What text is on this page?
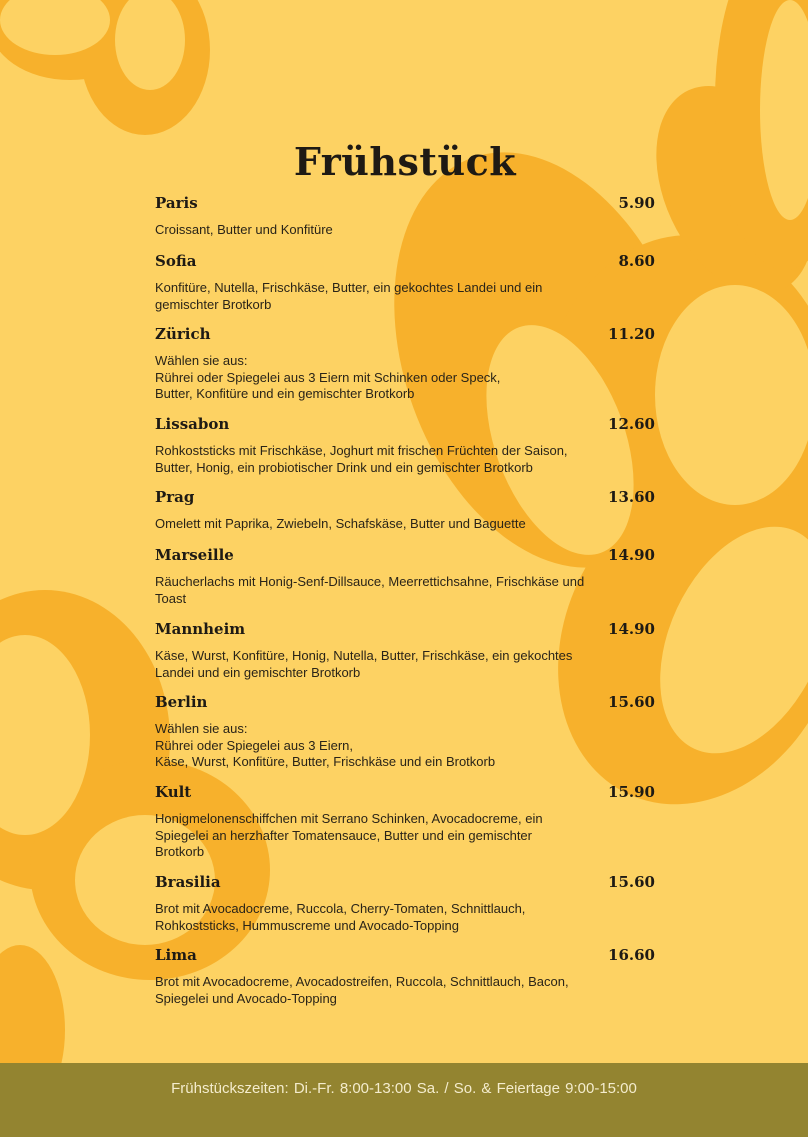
Frühstück
Paris	5.90
Croissant, Butter und Konfitüre
Sofia	8.60
Konfitüre, Nutella, Frischkäse, Butter, ein gekochtes Landei und ein
gemischter Brotkorb
Zürich	11.20
Wählen sie aus:
Rührei oder Spiegelei aus 3 Eiern mit Schinken oder Speck,
Butter, Konfitüre und ein gemischter Brotkorb
Lissabon	12.60
Rohkoststicks mit Frischkäse, Joghurt mit frischen Früchten der Saison,
Butter, Honig, ein probiotischer Drink und ein gemischter Brotkorb
Prag	13.60
Omelett mit Paprika, Zwiebeln, Schafskäse, Butter und Baguette
Marseille	14.90
Räucherlachs mit Honig-Senf-Dillsauce, Meerrettichsahne, Frischkäse und
Toast
Mannheim	14.90
Käse, Wurst, Konfitüre, Honig, Nutella, Butter, Frischkäse, ein gekochtes
Landei und ein gemischter Brotkorb
Berlin	15.60
Wählen sie aus:
Rührei oder Spiegelei aus 3 Eiern,
Käse, Wurst, Konfitüre, Butter, Frischkäse und ein Brotkorb
Kult	15.90
Honigmelonenschiffchen mit Serrano Schinken, Avocadocreme, ein
Spiegelei an herzhafter Tomatensauce, Butter und ein gemischter
Brotkorb
Brasilia	15.60
Brot mit Avocadocreme, Ruccola, Cherry-Tomaten, Schnittlauch,
Rohkoststicks, Hummuscreme und Avocado-Topping
Lima	16.60
Brot mit Avocadocreme, Avocadostreifen, Ruccola, Schnittlauch, Bacon,
Spiegelei und Avocado-Topping
Frühstückszeiten: Di.-Fr. 8:00-13:00 Sa. / So. & Feiertage 9:00-15:00
